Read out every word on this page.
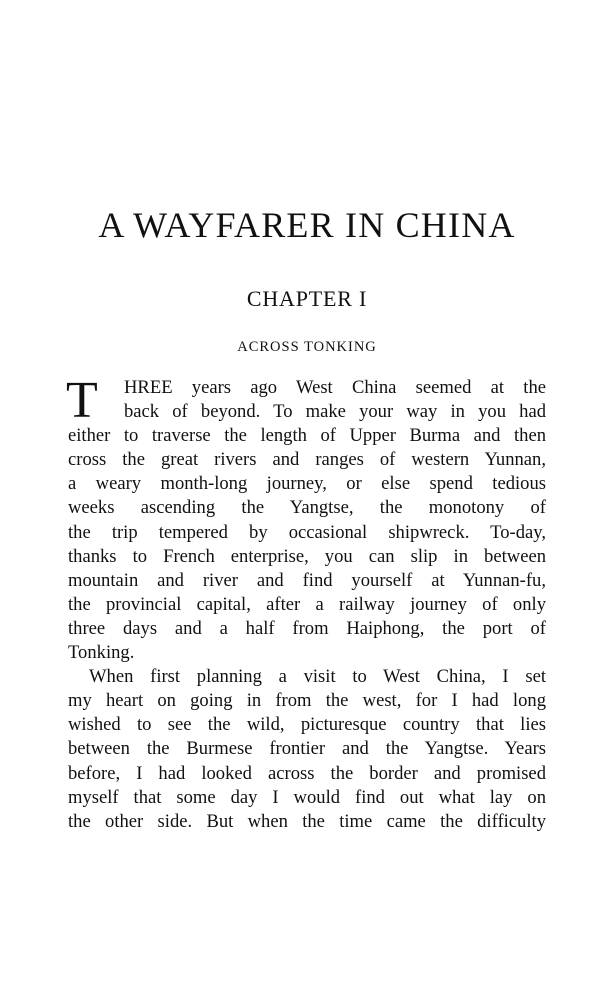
A WAYFARER IN CHINA
CHAPTER I
ACROSS TONKING
T	HREE years ago West China seemed at the
back of beyond. To make your way in you had
either to traverse the length of Upper Burma and then
cross the great rivers and ranges of western Yunnan,
a weary month-long journey, or else spend tedious
weeks ascending the Yangtse, the monotony of
the trip tempered by occasional shipwreck. To-day,
thanks to French enterprise, you can slip in between
mountain and river and find yourself at Yunnan-fu,
the provincial capital, after a railway journey of only
three days and a half from Haiphong, the port of
Tonking.
When first planning a visit to West China, I set
my heart on going in from the west, for I had long
wished to see the wild, picturesque country that lies
between the Burmese frontier and the Yangtse. Years
before, I had looked across the border and promised
myself that some day I would find out what lay on
the other side. But when the time came the difficulty
